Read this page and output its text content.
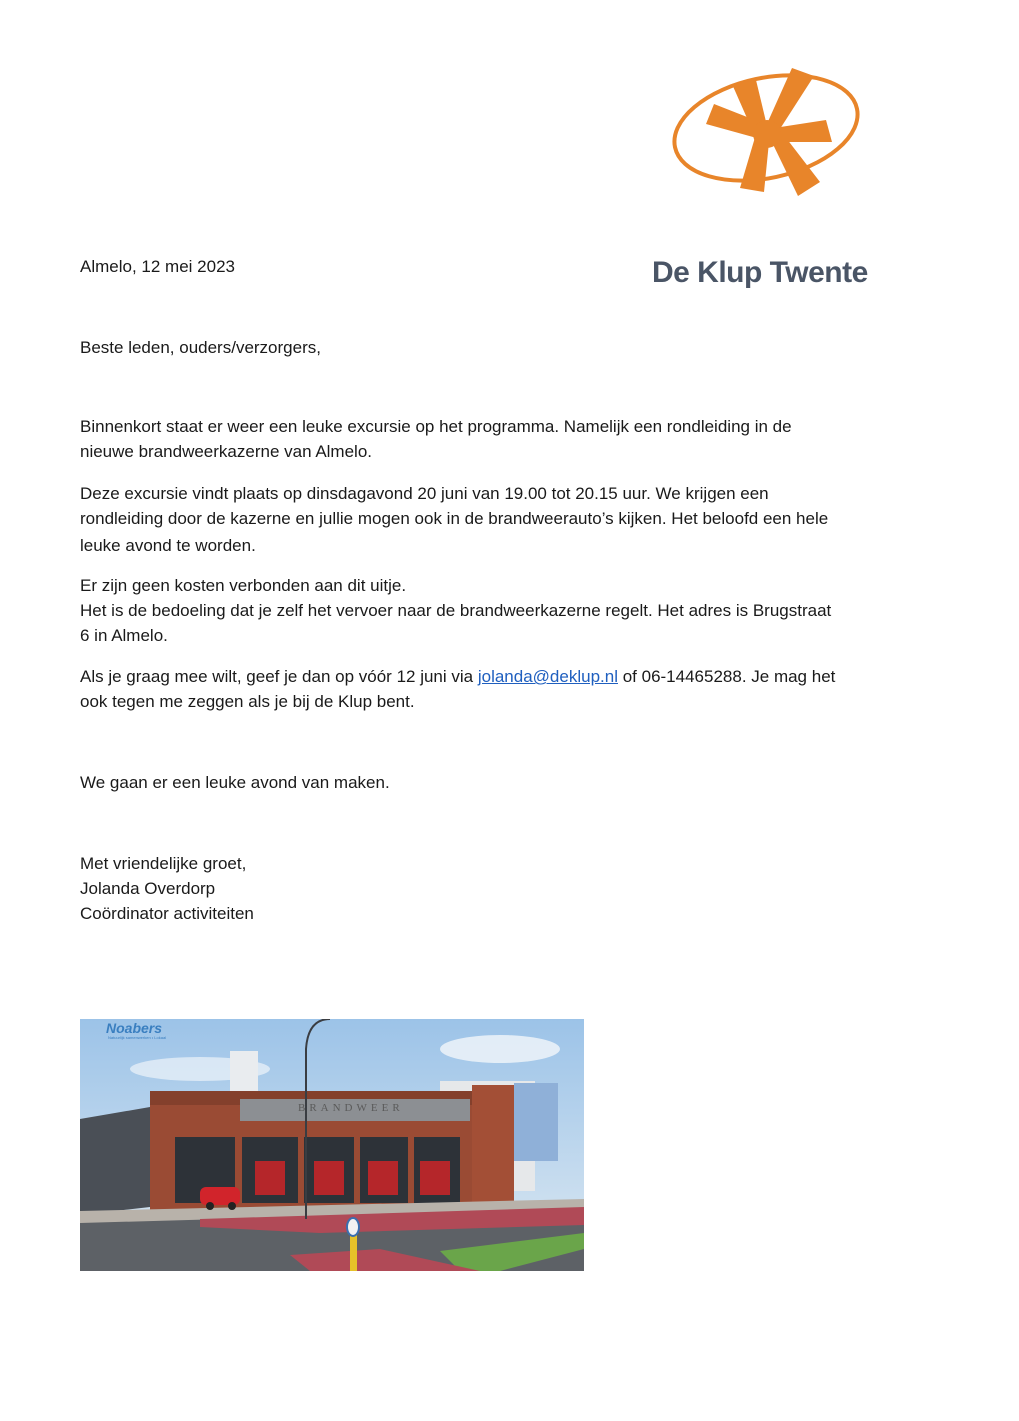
De Klup Twente
Almelo, 12 mei 2023
Beste leden, ouders/verzorgers,
Binnenkort staat er weer een leuke excursie op het programma. Namelijk een rondleiding in de
nieuwe brandweerkazerne van Almelo.
Deze excursie vindt plaats op dinsdagavond 20 juni van 19.00 tot 20.15 uur. We krijgen een
rondleiding door de kazerne en jullie mogen ook in de brandweerauto’s kijken. Het beloofd een hele
leuke avond te worden.
Er zijn geen kosten verbonden aan dit uitje.
Het is de bedoeling dat je zelf het vervoer naar de brandweerkazerne regelt. Het adres is Brugstraat
6 in Almelo.
Als je graag mee wilt, geef je dan op vóór 12 juni via jolanda@deklup.nl of 06-14465288. Je mag het
ook tegen me zeggen als je bij de Klup bent.
We gaan er een leuke avond van maken.
Met vriendelijke groet,
Jolanda Overdorp
Coördinator activiteiten
Noabers
Natuurlijk samenwerken • Lokaal
BRANDWEER
